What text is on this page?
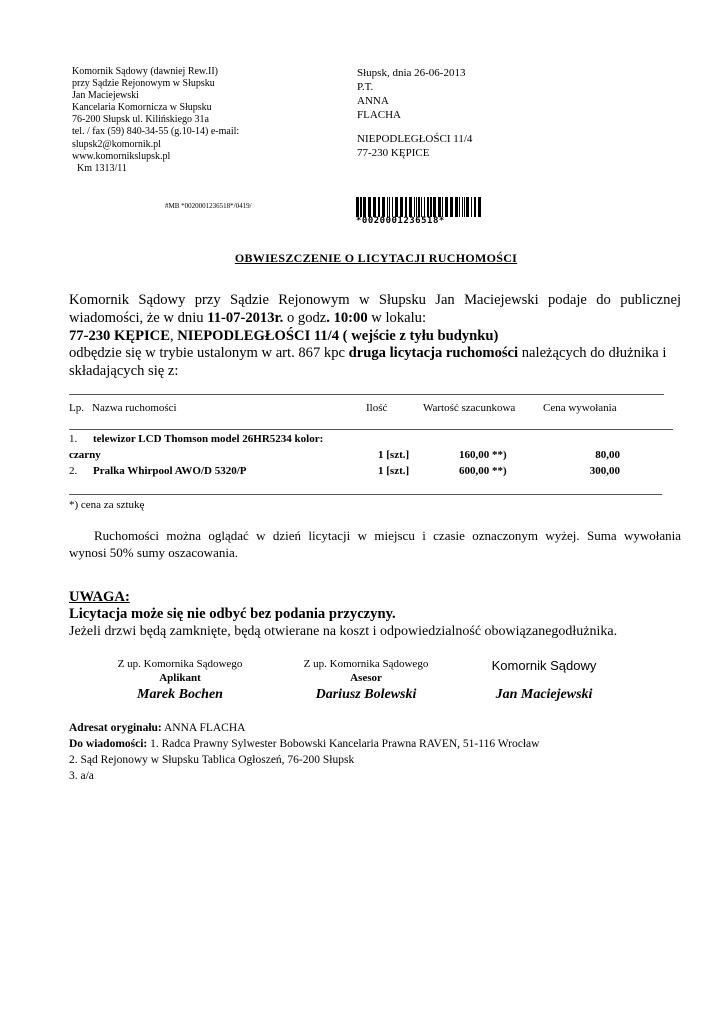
Komornik Sądowy (dawniej Rew.II)
przy Sądzie Rejonowym w Słupsku
Jan Maciejewski
Kancelaria Komornicza w Słupsku
76-200 Słupsk ul. Kilińskiego 31a
tel. / fax (59) 840-34-55 (g.10-14) e-mail:
slupsk2@komornik.pl
www.komornikslupsk.pl
Km 1313/11
Słupsk, dnia 26-06-2013
P.T.
ANNA
FLACHA
NIEPODLEGŁOŚCI 11/4
77-230 KĘPICE
#MB *0020001236518*/0419/
*0020001236518*
OBWIESZCZENIE O LICYTACJI RUCHOMOŚCI

Komornik Sądowy przy Sądzie Rejonowym w Słupsku Jan Maciejewski podaje do publicznej

wiadomości, że w dniu 11-07-2013r. o godz. 10:00 w lokalu:

77-230 KĘPICE, NIEPODLEGŁOŚCI 11/4 ( wejście z tyłu budynku)

odbędzie się w trybie ustalonym w art. 867 kpc druga licytacja ruchomości należących do dłużnika i

składających się z:

Lp. Nazwa ruchomości	Ilość	Wartość szacunkowa	Cena wywołania
1. telewizor LCD Thomson model 26HR5234 kolor:
czarny	1 [szt.]	160,00 **)	80,00
2. Pralka Whirpool AWO/D 5320/P	1 [szt.]	600,00 **)	300,00
*) cena za sztukę

Ruchomości można oglądać w dzień licytacji w miejscu i czasie oznaczonym wyżej. Suma wywołania

wynosi 50% sumy oszacowania.

UWAGA:
Licytacja może się nie odbyć bez podania przyczyny.
Jeżeli drzwi będą zamknięte, będą otwierane na koszt i odpowiedzialność obowiązanegodłużnika.
Z up. Komornika Sądowego
Aplikant
Marek Bochen
Z up. Komornika Sądowego
Asesor
Dariusz Bolewski
Komornik Sądowy
Jan Maciejewski
Adresat oryginału: ANNA FLACHA
Do wiadomości: 1. Radca Prawny Sylwester Bobowski Kancelaria Prawna RAVEN, 51-116 Wrocław
2. Sąd Rejonowy w Słupsku Tablica Ogłoszeń, 76-200 Słupsk
3. a/a
